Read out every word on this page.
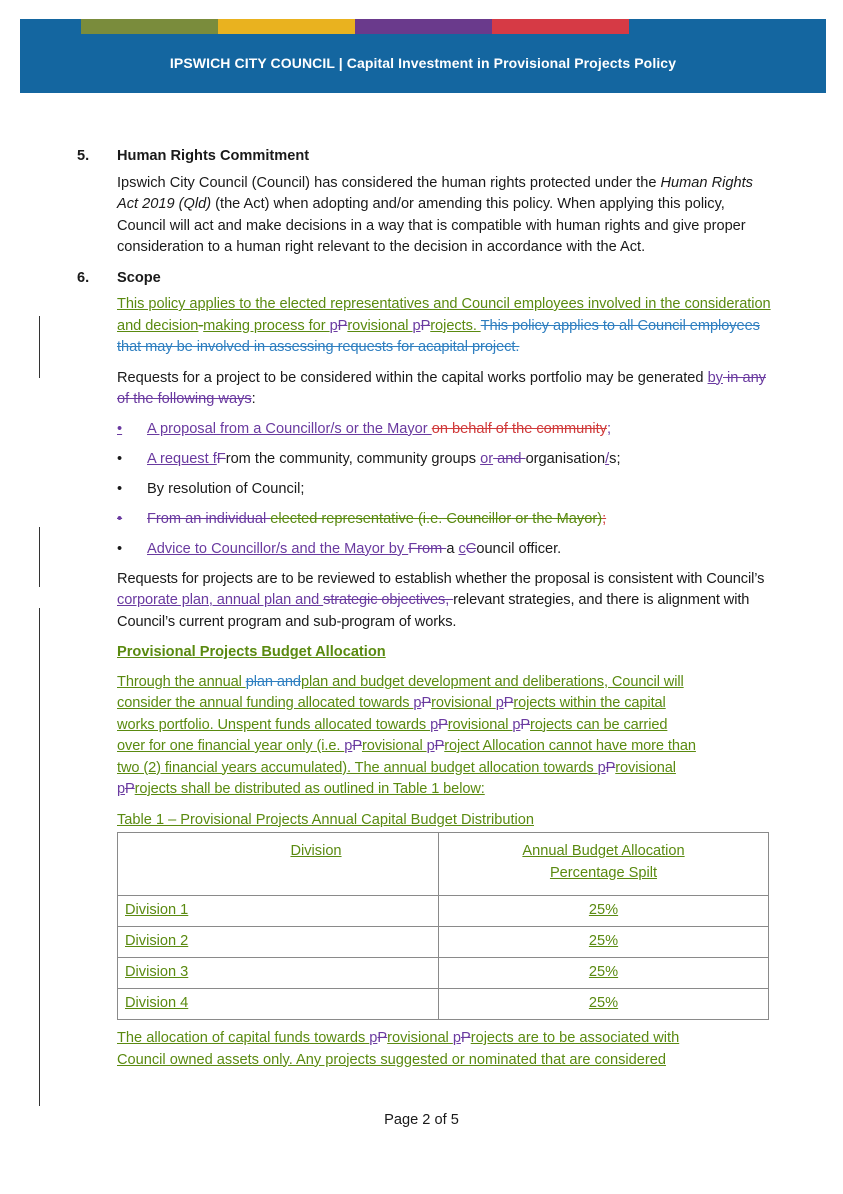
IPSWICH CITY COUNCIL | Capital Investment in Provisional Projects Policy
5. Human Rights Commitment

Ipswich City Council (Council) has considered the human rights protected under the Human Rights Act 2019 (Qld) (the Act) when adopting and/or amending this policy. When applying this policy, Council will act and make decisions in a way that is compatible with human rights and give proper consideration to a human right relevant to the decision in accordance with the Act.

6. Scope

This policy applies to the elected representatives and Council employees involved in the consideration and decision-making process for pProvisional pProjects. This policy applies to all Council employees that may be involved in assessing requests for acapital project.

Requests for a project to be considered within the capital works portfolio may be generated by in any of the following ways:

• A proposal from a Councillor/s or the Mayor on behalf of the community;
• A request fFrom the community, community groups or and organisation/s;
• By resolution of Council;
• From an individual elected representative (i.e. Councillor or the Mayor);
• Advice to Councillor/s and the Mayor by From a cCouncil officer.

Requests for projects are to be reviewed to establish whether the proposal is consistent with Council’s corporate plan, annual plan and strategic objectives, relevant strategies, and there is alignment with Council’s current program and sub-program of works.

Provisional Projects Budget Allocation

Through the annual plan andplan and budget development and deliberations, Council will consider the annual funding allocated towards pProvisional pProjects within the capital works portfolio. Unspent funds allocated towards pProvisional pProjects can be carried over for one financial year only (i.e. pProvisional pProject Allocation cannot have more than two (2) financial years accumulated). The annual budget allocation towards pProvisional pProjects shall be distributed as outlined in Table 1 below:

Table 1 – Provisional Projects Annual Capital Budget Distribution
Division	Annual Budget Allocation Percentage Spilt

Division 1	25%
Division 2	25%
Division 3	25%
Division 4	25%

The allocation of capital funds towards pProvisional pProjects are to be associated with Council owned assets only. Any projects suggested or nominated that are considered

Page 2 of 5
